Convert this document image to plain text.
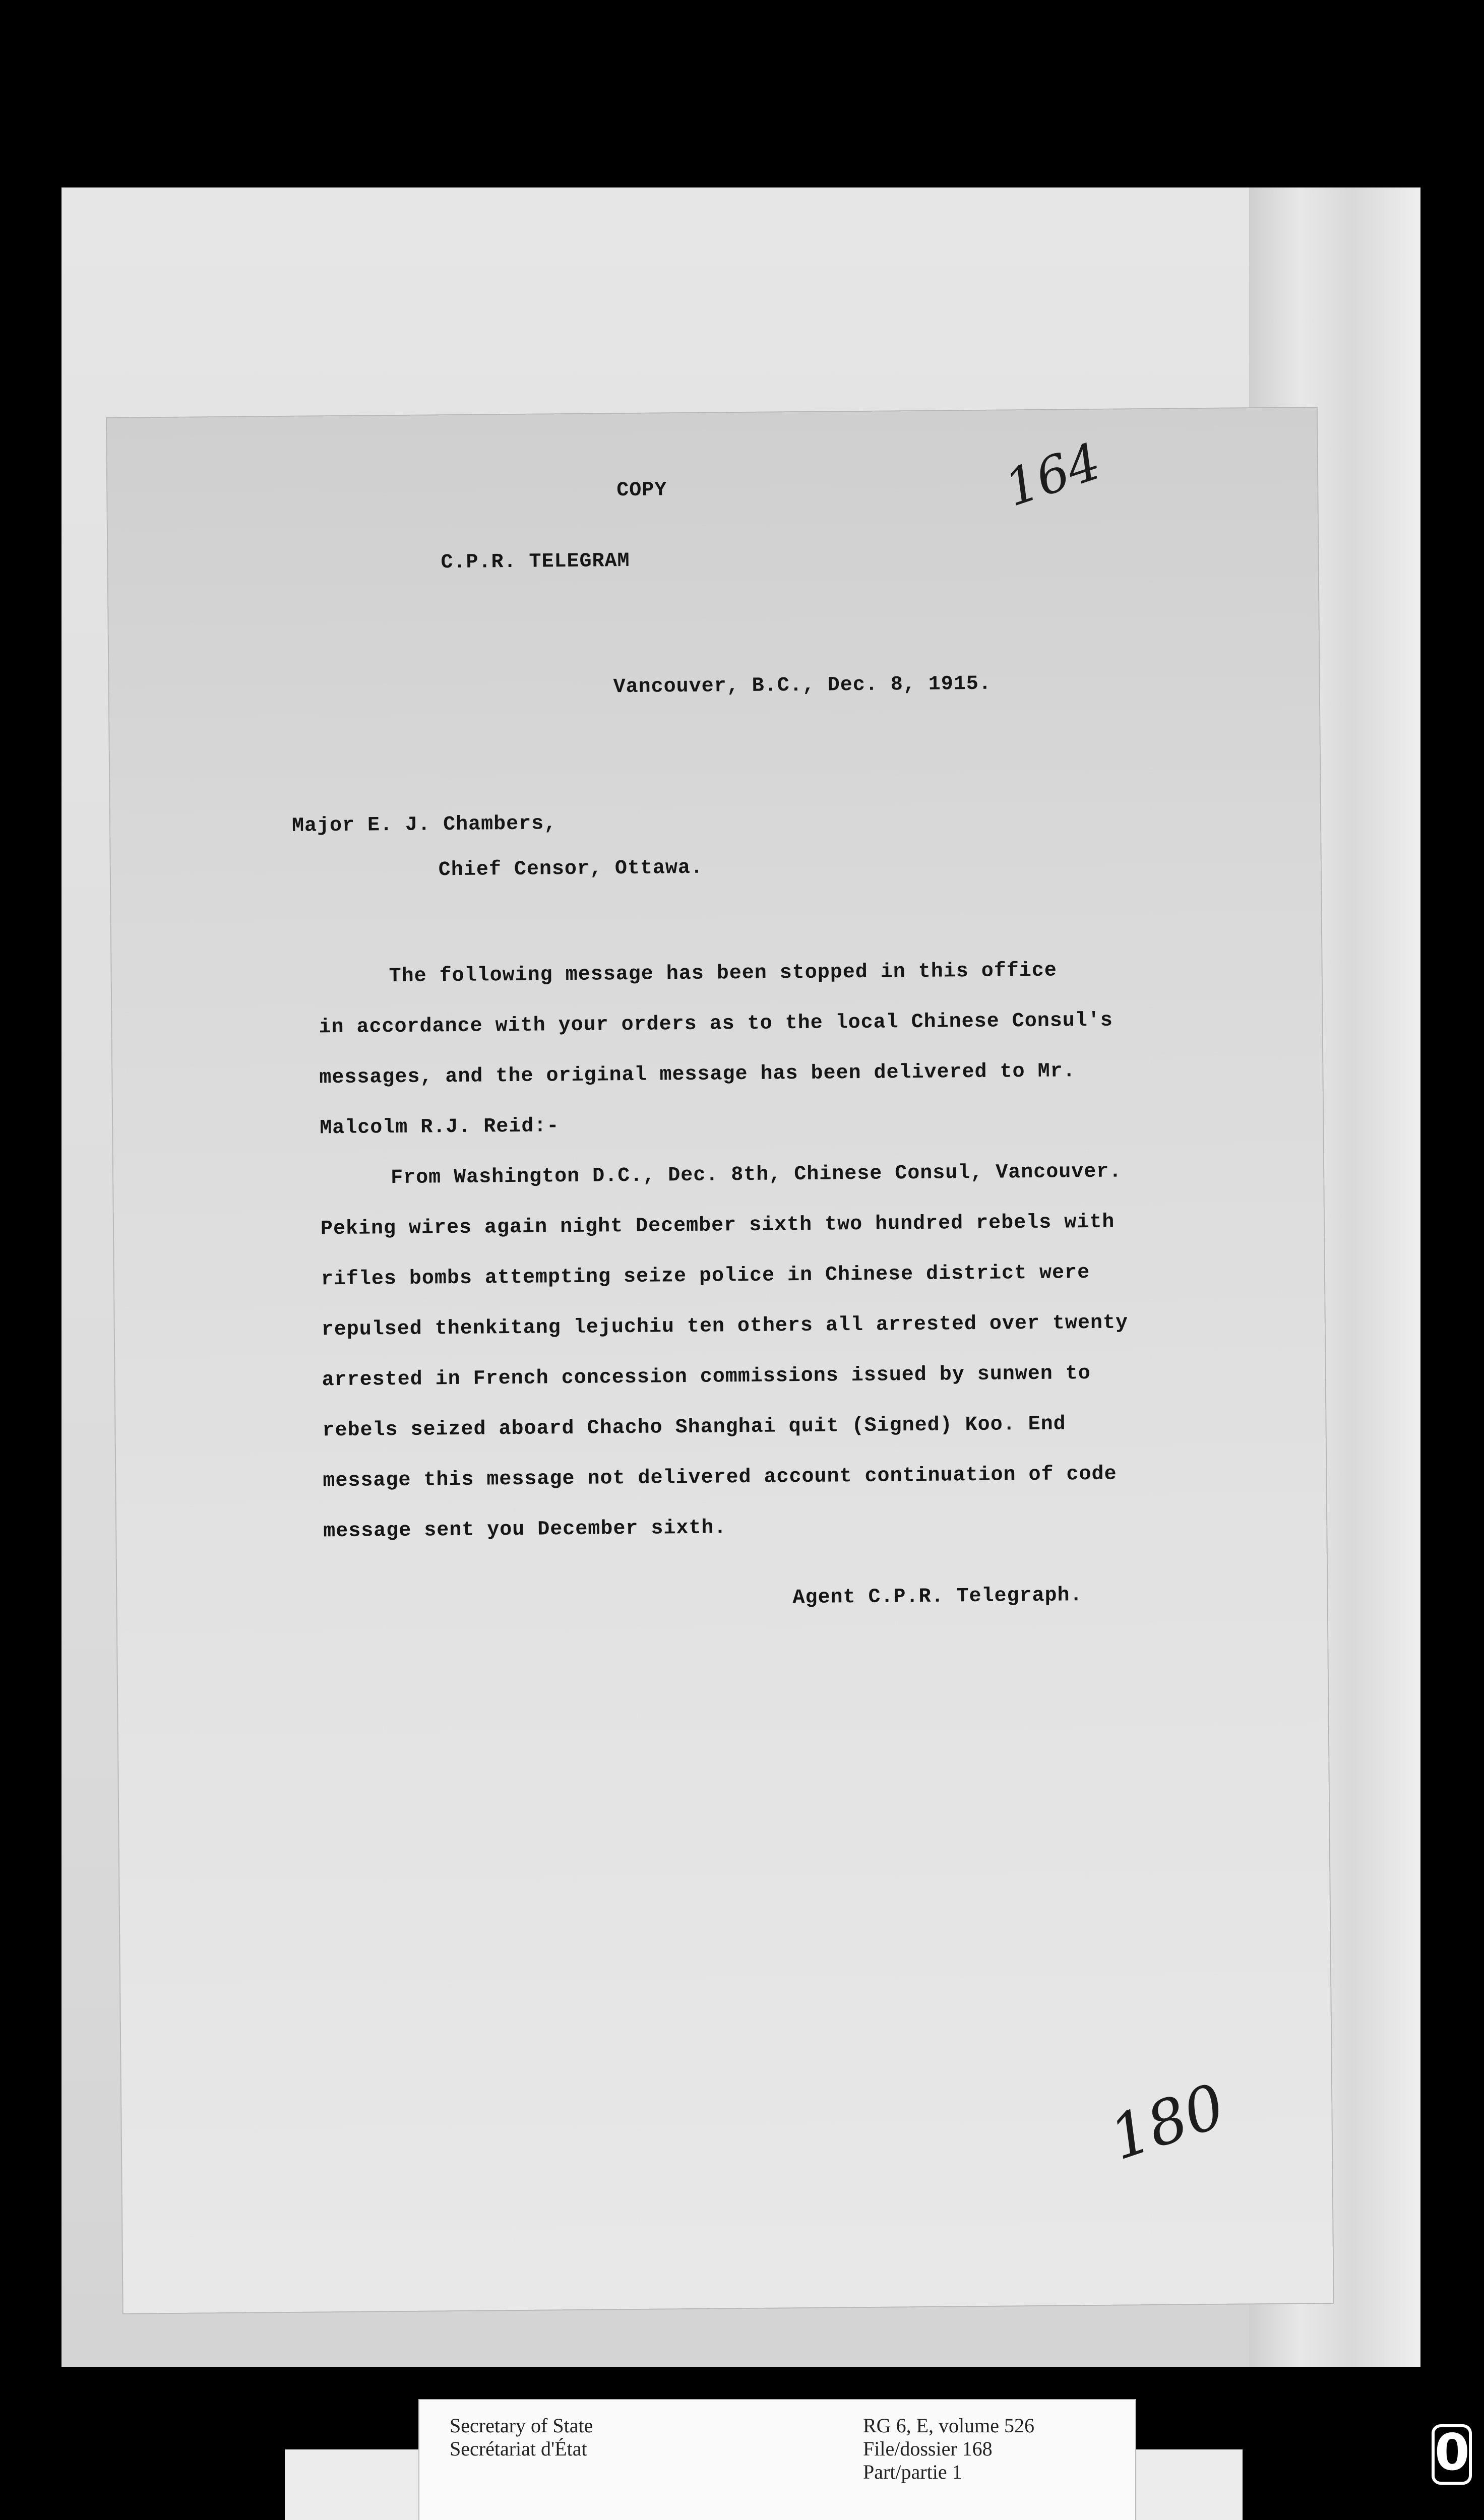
COPY	164
C.P.R. TELEGRAM
Vancouver, B.C., Dec. 8, 1915.
Major E. J. Chambers,
Chief Censor, Ottawa.
The following message has been stopped in this office
in accordance with your orders as to the local Chinese Consul's
messages, and the original message has been delivered to Mr.
Malcolm R.J. Reid:-
From Washington D.C., Dec. 8th, Chinese Consul, Vancouver.
Peking wires again night December sixth two hundred rebels with
rifles bombs attempting seize police in Chinese district were
repulsed thenkitang lejuchiu ten others all arrested over twenty
arrested in French concession commissions issued by sunwen to
rebels seized aboard Chacho Shanghai quit (Signed) Koo. End
message this message not delivered account continuation of code
message sent you December sixth.
Agent C.P.R. Telegraph.
180
Secretary of State
Secrétariat d'État
RG 6, E, volume 526
File/dossier 168
Part/partie 1	0
